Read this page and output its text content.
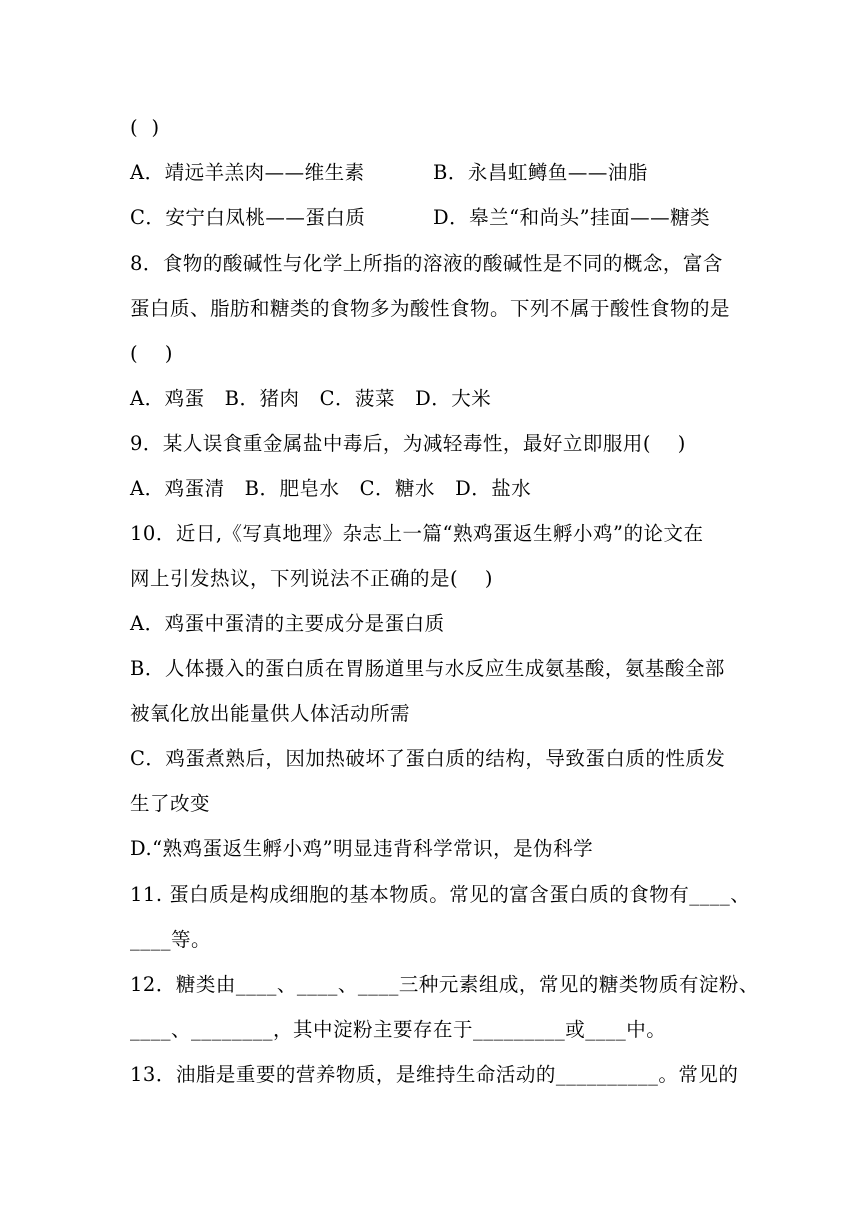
(  )
A．靖远羊羔肉——维生素	B．永昌虹鳟鱼——油脂
C．安宁白凤桃——蛋白质	D．皋兰“和尚头”挂面——糖类
8．食物的酸碱性与化学上所指的溶液的酸碱性是不同的概念，富含
蛋白质、脂肪和糖类的食物多为酸性食物。下列不属于酸性食物的是
(    )
A．鸡蛋   B．猪肉   C．菠菜   D．大米
9．某人误食重金属盐中毒后，为减轻毒性，最好立即服用(    )
A．鸡蛋清   B．肥皂水   C．糖水   D．盐水
10．近日,《写真地理》杂志上一篇“熟鸡蛋返生孵小鸡”的论文在
网上引发热议，下列说法不正确的是(    )
A．鸡蛋中蛋清的主要成分是蛋白质
B．人体摄入的蛋白质在胃肠道里与水反应生成氨基酸，氨基酸全部
被氧化放出能量供人体活动所需
C．鸡蛋煮熟后，因加热破坏了蛋白质的结构，导致蛋白质的性质发
生了改变
D.“熟鸡蛋返生孵小鸡”明显违背科学常识，是伪科学
11. 蛋白质是构成细胞的基本物质。常见的富含蛋白质的食物有____、
____等。
12．糖类由____、____、____三种元素组成，常见的糖类物质有淀粉、
____、________，其中淀粉主要存在于_________或____中。
13．油脂是重要的营养物质，是维持生命活动的__________。常见的
